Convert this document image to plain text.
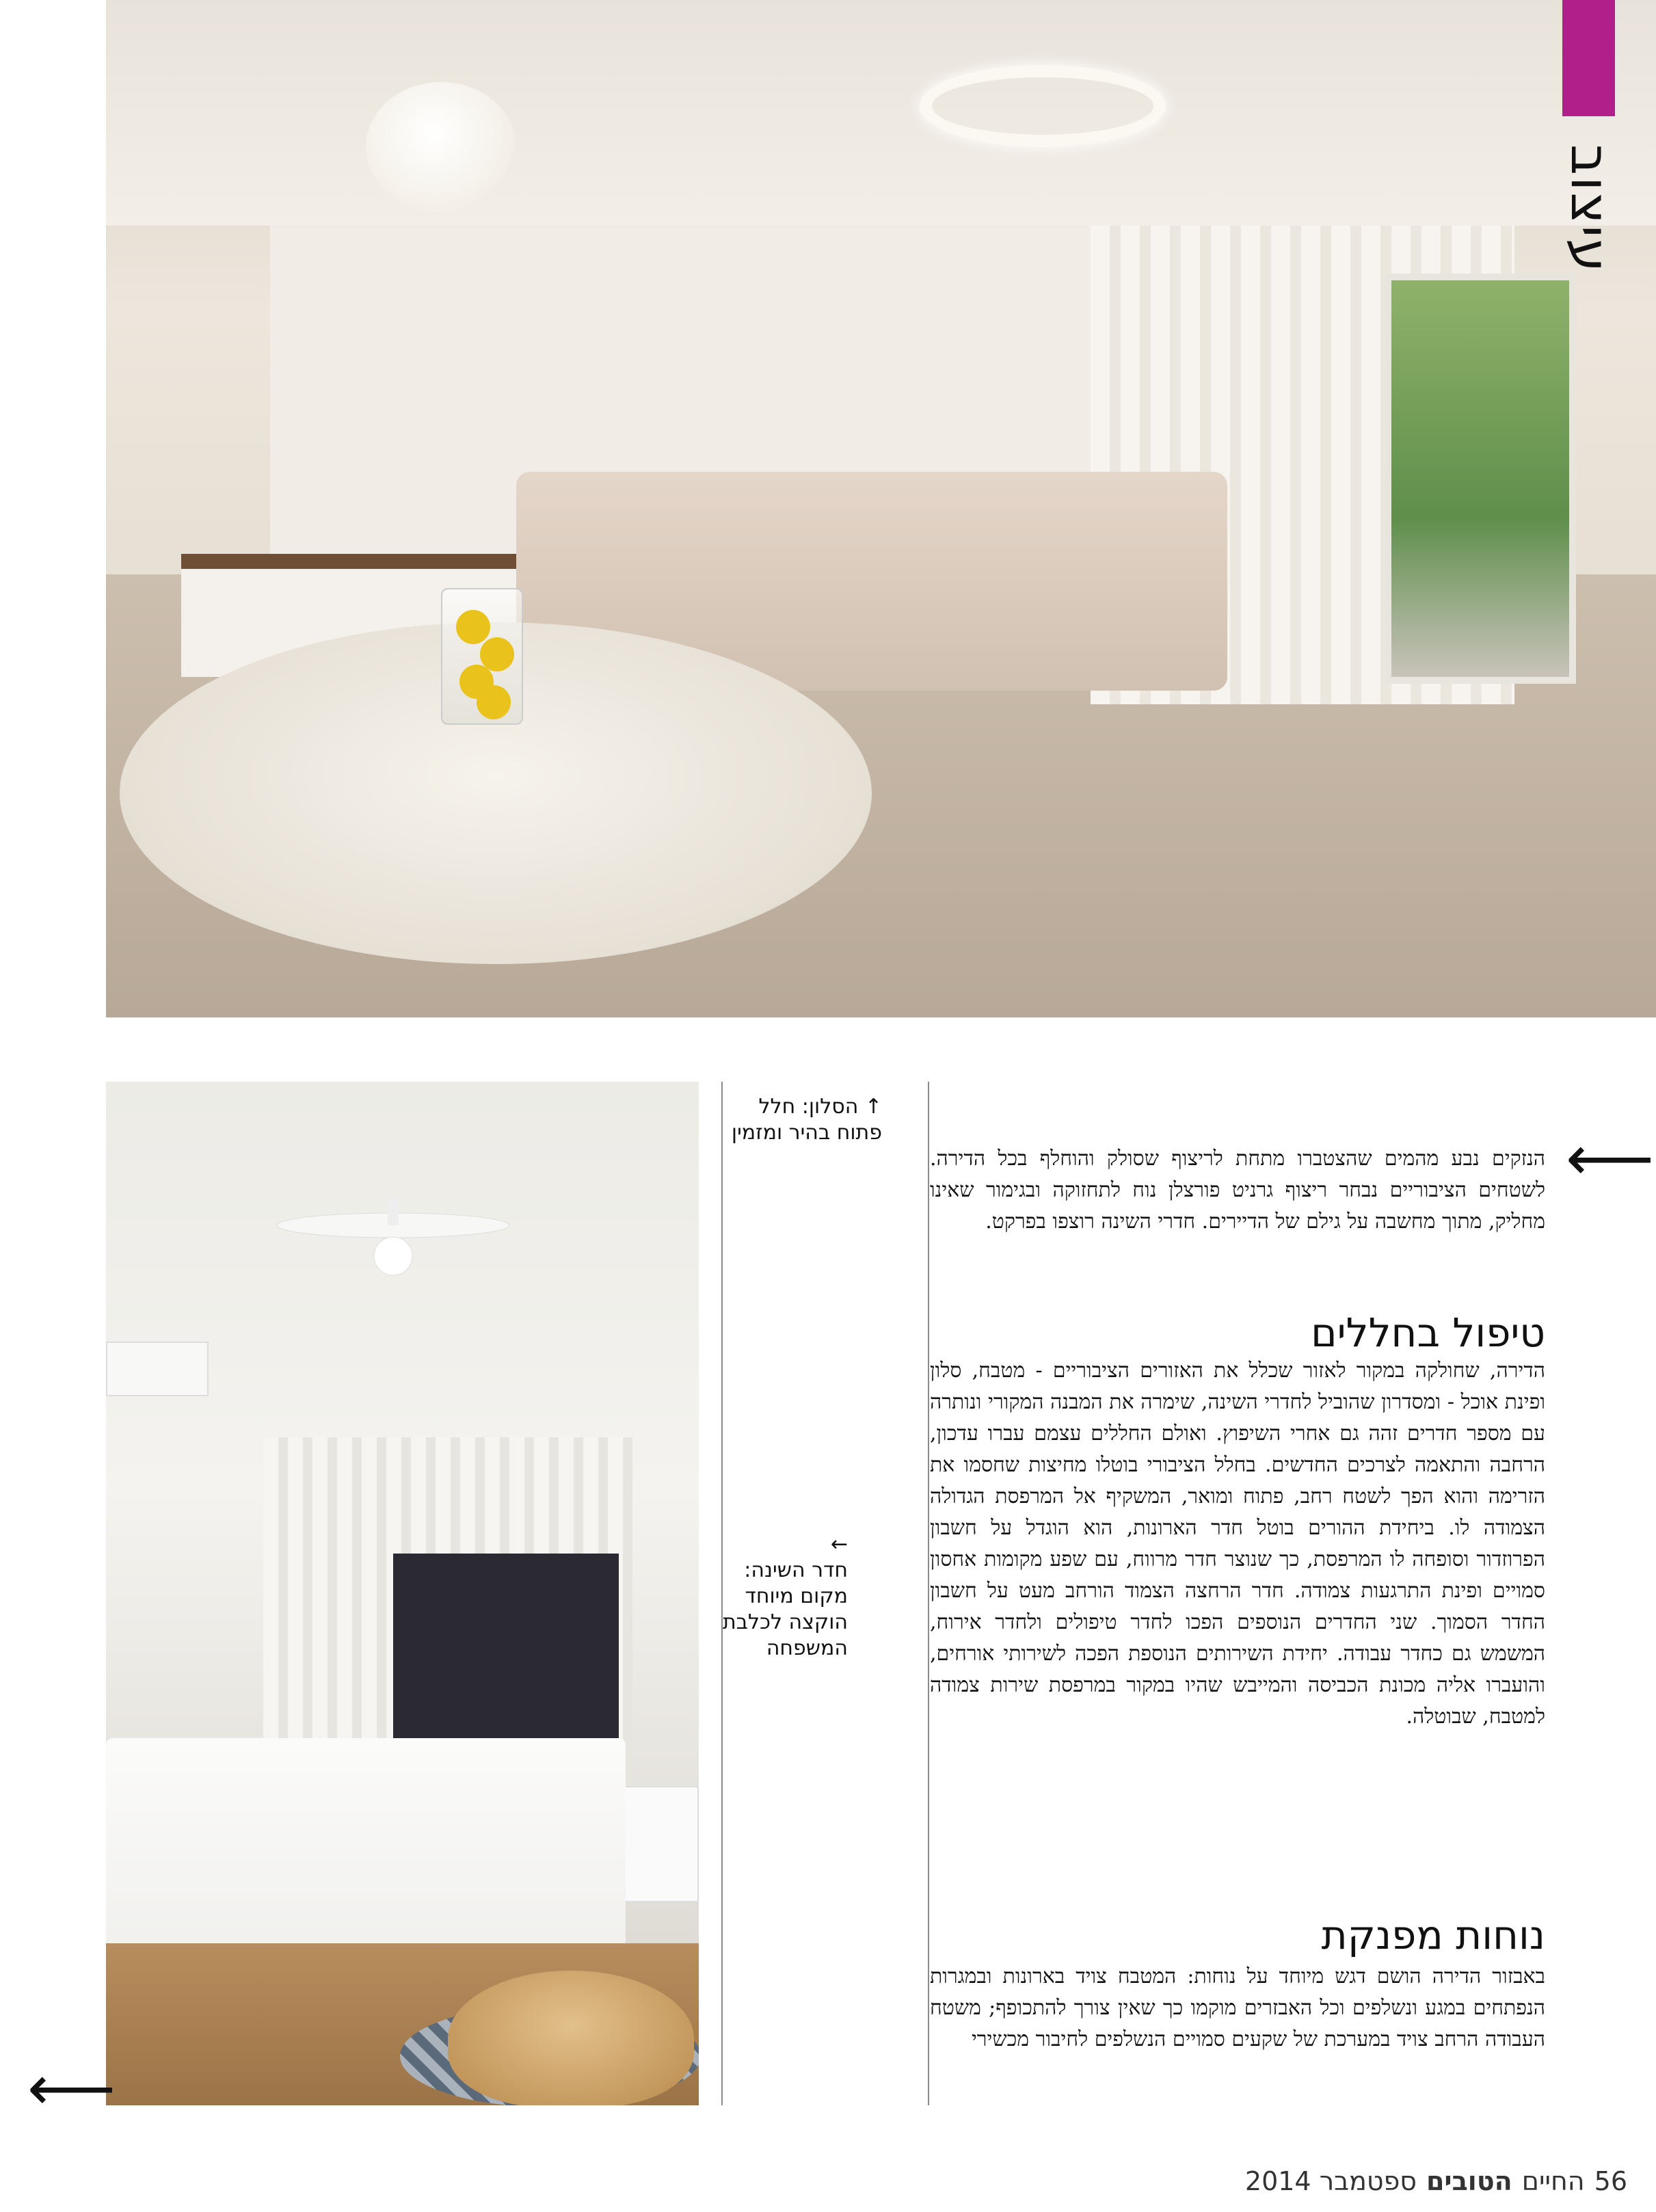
עיצוב
↑ הסלון: חלל פתוח בהיר ומזמין
←
חדר השינה: מקום מיוחד הוקצה לכלבת המשפחה
⟵

הנזקים נבע מהמים שהצטברו מתחת לריצוף שסולק והוחלף בכל הדירה. לשטחים הציבוריים נבחר ריצוף גרניט פורצלן נוח לתחזוקה ובגימור שאינו מחליק, מתוך מחשבה על גילם של הדיירים. חדרי השינה רוצפו בפרקט.

טיפול בחללים

הדירה, שחולקה במקור לאזור שכלל את האזורים הציבוריים - מטבח, סלון ופינת אוכל - ומסדרון שהוביל לחדרי השינה, שימרה את המבנה המקורי ונותרה עם מספר חדרים זהה גם אחרי השיפוץ. ואולם החללים עצמם עברו עדכון, הרחבה והתאמה לצרכים החדשים. בחלל הציבורי בוטלו מחיצות שחסמו את הזרימה והוא הפך לשטח רחב, פתוח ומואר, המשקיף אל המרפסת הגדולה הצמודה לו. ביחידת ההורים בוטל חדר הארונות, הוא הוגדל על חשבון הפרוזדור וסופחה לו המרפסת, כך שנוצר חדר מרווח, עם שפע מקומות אחסון סמויים ופינת התרגעות צמודה. חדר הרחצה הצמוד הורחב מעט על חשבון החדר הסמוך. שני החדרים הנוספים הפכו לחדר טיפולים ולחדר אירוח, המשמש גם כחדר עבודה. יחידת השירותים הנוספת הפכה לשירותי אורחים, והועברו אליה מכונת הכביסה והמייבש שהיו במקור במרפסת שירות צמודה למטבח, שבוטלה.

נוחות מפנקת

באבזור הדירה הושם דגש מיוחד על נוחות: המטבח צויד בארונות ובמגרות הנפתחים במגע ונשלפים וכל האבזרים מוקמו כך שאין צורך להתכופף; משטח העבודה הרחב צויד במערכת של שקעים סמויים הנשלפים לחיבור מכשירי

⟵
56
החיים
הטובים
ספטמבר 2014
